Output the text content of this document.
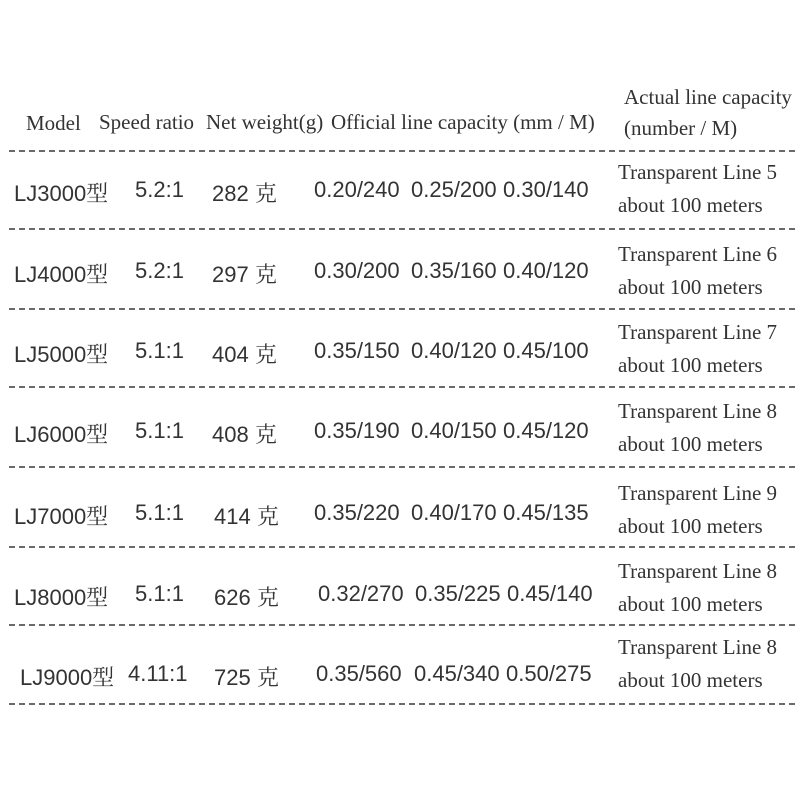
Model Speed ratio Net weight(g) Official line capacity (mm / M)
Actual line capacity
(number / M)
LJ3000型 5.2:1 282 克 0.20/240 0.25/200 0.30/140
Transparent Line 5
about 100 meters
LJ4000型 5.2:1 297 克 0.30/200 0.35/160 0.40/120
Transparent Line 6
about 100 meters
LJ5000型 5.1:1 404 克 0.35/150 0.40/120 0.45/100
Transparent Line 7
about 100 meters
LJ6000型 5.1:1 408 克 0.35/190 0.40/150 0.45/120
Transparent Line 8
about 100 meters
LJ7000型 5.1:1 414 克 0.35/220 0.40/170 0.45/135
Transparent Line 9
about 100 meters
LJ8000型 5.1:1 626 克 0.32/270 0.35/225 0.45/140
Transparent Line 8
about 100 meters
LJ9000型 4.11:1 725 克 0.35/560 0.45/340 0.50/275
Transparent Line 8
about 100 meters
